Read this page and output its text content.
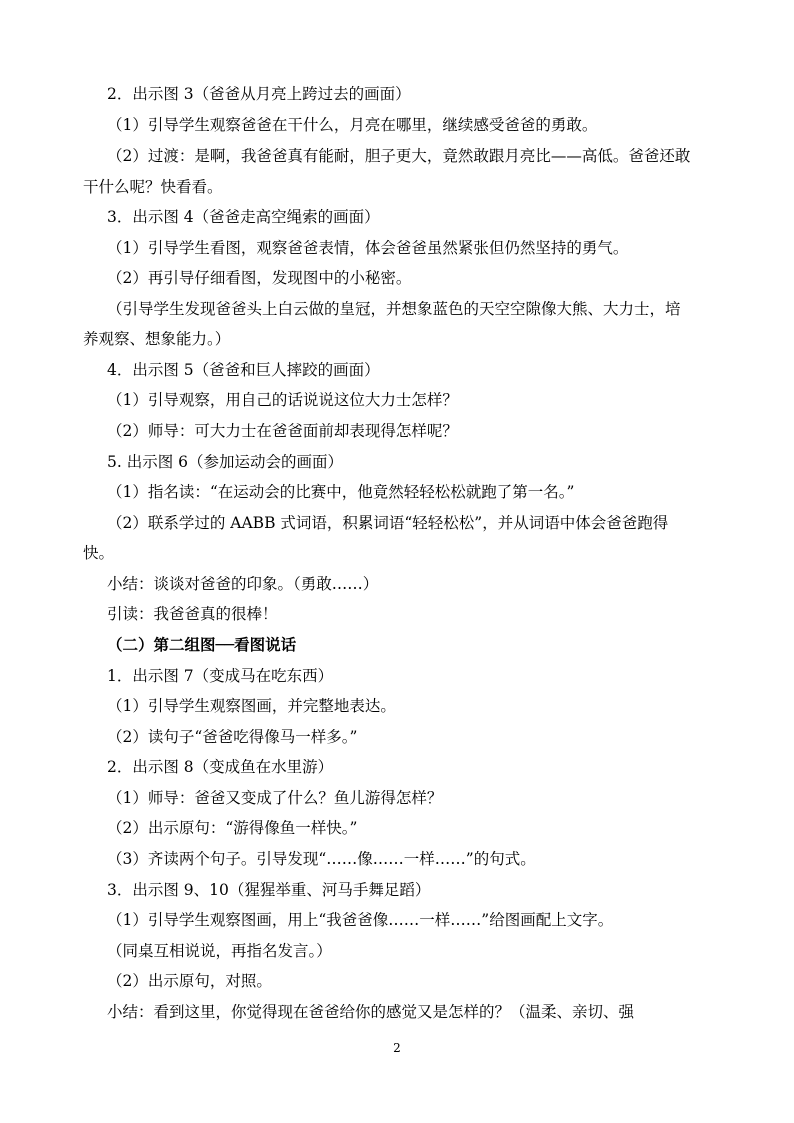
2．出示图 3（爸爸从月亮上跨过去的画面）
（1）引导学生观察爸爸在干什么，月亮在哪里，继续感受爸爸的勇敢。
（2）过渡：是啊，我爸爸真有能耐，胆子更大，竟然敢跟月亮比——高低。爸爸还敢
干什么呢？快看看。
3．出示图 4（爸爸走高空绳索的画面）
（1）引导学生看图，观察爸爸表情，体会爸爸虽然紧张但仍然坚持的勇气。
（2）再引导仔细看图，发现图中的小秘密。
（引导学生发现爸爸头上白云做的皇冠，并想象蓝色的天空空隙像大熊、大力士，培
养观察、想象能力。）
4．出示图 5（爸爸和巨人摔跤的画面）
（1）引导观察，用自己的话说说这位大力士怎样？
（2）师导：可大力士在爸爸面前却表现得怎样呢？
5. 出示图 6（参加运动会的画面）
（1）指名读：“在运动会的比赛中，他竟然轻轻松松就跑了第一名。”
（2）联系学过的 AABB 式词语，积累词语“轻轻松松”，并从词语中体会爸爸跑得
快。
小结：谈谈对爸爸的印象。（勇敢……）
引读：我爸爸真的很棒！
（二）第二组图──看图说话
1．出示图 7（变成马在吃东西）
（1）引导学生观察图画，并完整地表达。
（2）读句子“爸爸吃得像马一样多。”
2．出示图 8（变成鱼在水里游）
（1）师导：爸爸又变成了什么？鱼儿游得怎样？
（2）出示原句：“游得像鱼一样快。”
（3）齐读两个句子。引导发现“……像……一样……”的句式。
3．出示图 9、10（猩猩举重、河马手舞足蹈）
（1）引导学生观察图画，用上“我爸爸像……一样……”给图画配上文字。
（同桌互相说说，再指名发言。）
（2）出示原句，对照。
小结：看到这里，你觉得现在爸爸给你的感觉又是怎样的？（温柔、亲切、强
2
